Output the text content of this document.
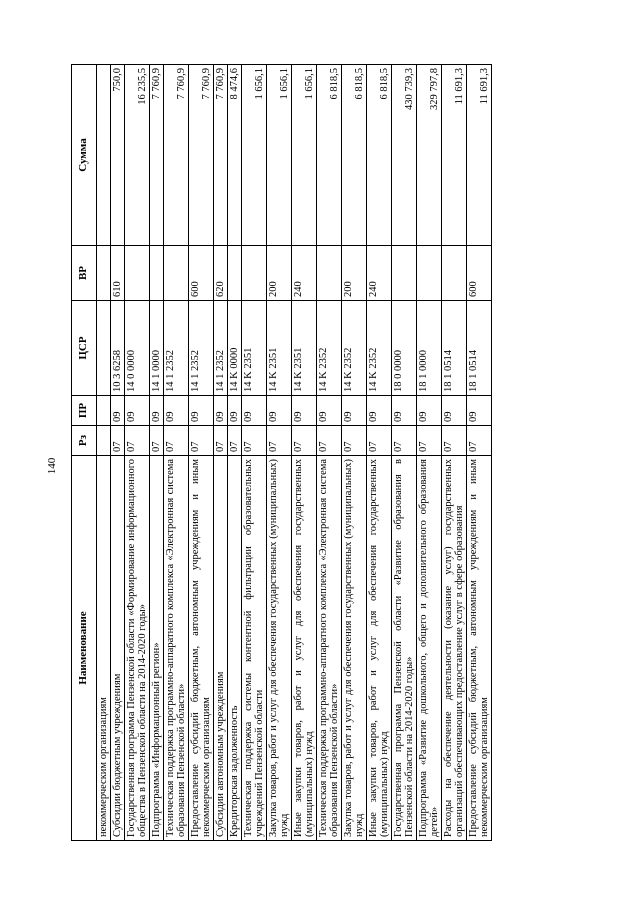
140
Наименование	Рз	ПР	ЦСР	ВР	Сумма
некоммерческим организациям					
Субсидии бюджетным учреждениям	07	09	10 3 6258	610	750,0
Государственная программа Пензенской области «Формирование информационного общества в Пензенской области на 2014-2020 годы»	07	09	14 0 0000		16 235,5
Подпрограмма «Информационный регион»	07	09	14 1 0000		7 760,9
Техническая поддержка программно-аппаратного комплекса «Электронная система образования Пензенской области»	07	09	14 1 2352		7 760,9
Предоставление субсидий бюджетным, автономным учреждениям и иным некоммерческим организациям	07	09	14 1 2352	600	7 760,9
Субсидии автономным учреждениям	07	09	14 1 2352	620	7 760,9
Кредиторская задолженность	07	09	14 K 0000		8 474,6
Техническая поддержка системы контентной фильтрации образовательных учреждений Пензенской области	07	09	14 K 2351		1 656,1
Закупка товаров, работ и услуг для обеспечения государственных (муниципальных) нужд	07	09	14 K 2351	200	1 656,1
Иные закупки товаров, работ и услуг для обеспечения государственных (муниципальных) нужд	07	09	14 K 2351	240	1 656,1
Техническая поддержка программно-аппаратного комплекса «Электронная система образования Пензенской области»	07	09	14 K 2352		6 818,5
Закупка товаров, работ и услуг для обеспечения государственных (муниципальных) нужд	07	09	14 K 2352	200	6 818,5
Иные закупки товаров, работ и услуг для обеспечения государственных (муниципальных) нужд	07	09	14 K 2352	240	6 818,5
Государственная программа Пензенской области «Развитие образования в Пензенской области на 2014-2020 годы»	07	09	18 0 0000		430 739,3
Подпрограмма «Развитие дошкольного, общего и дополнительного образования детей»	07	09	18 1 0000		329 797,8
Расходы на обеспечение деятельности (оказание услуг) государственных организаций обеспечивающих предоставление услуг в сфере образования	07	09	18 1 0514		11 691,3
Предоставление субсидий бюджетным, автономным учреждениям и иным некоммерческим организациям	07	09	18 1 0514	600	11 691,3
